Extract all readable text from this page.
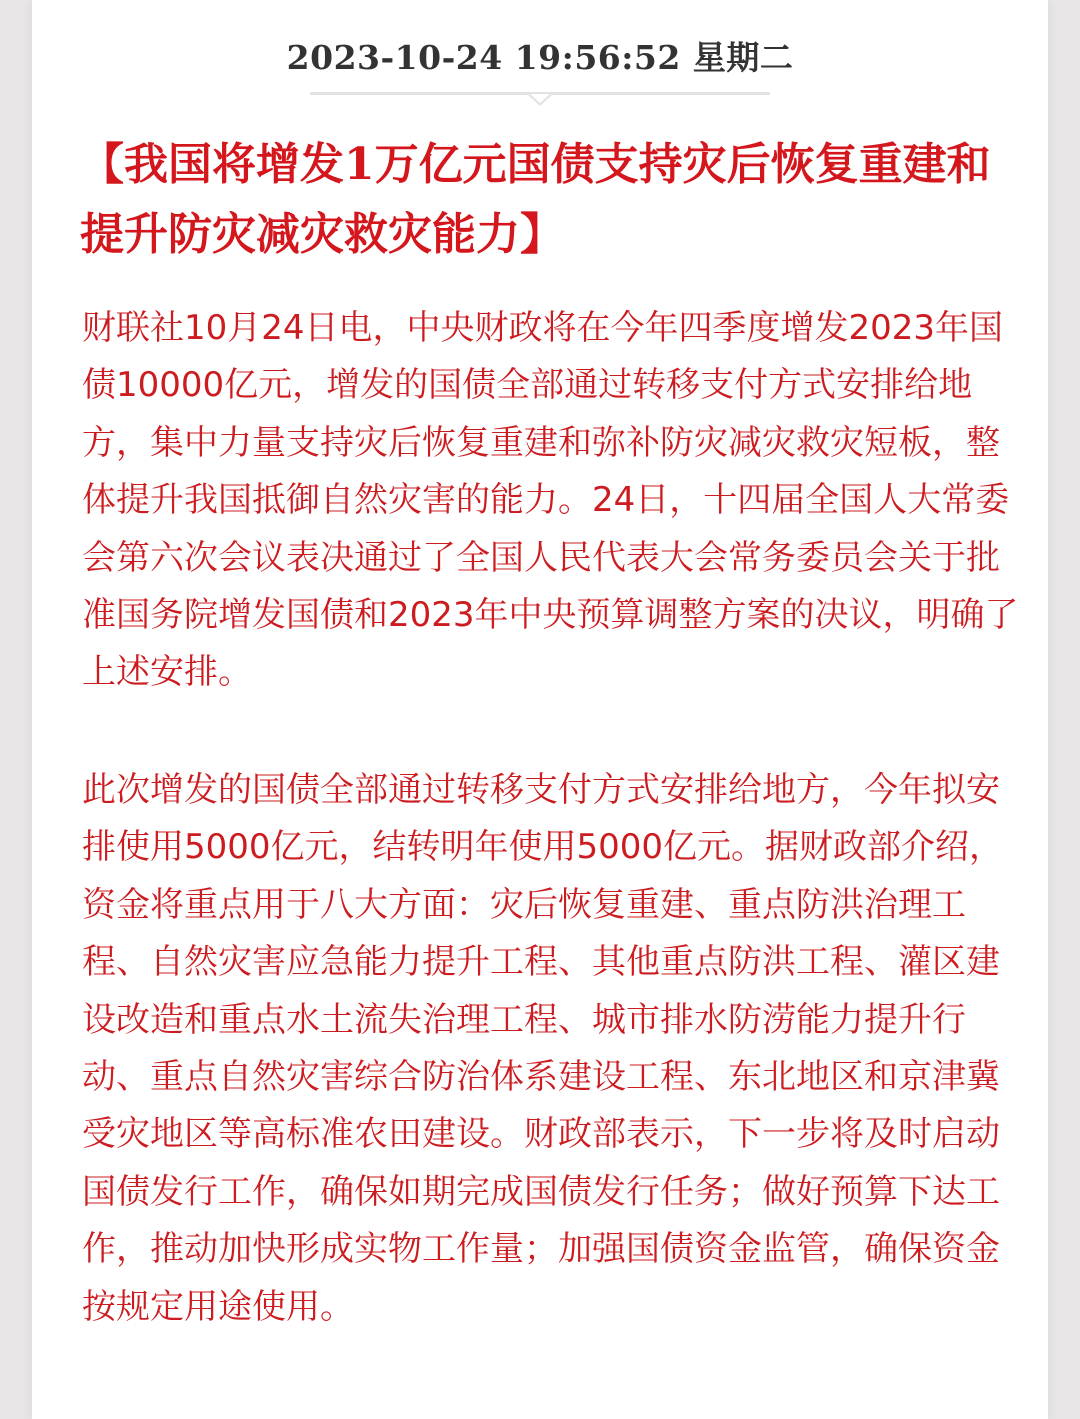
2023-10-24 19:56:52 星期二
【我国将增发1万亿元国债支持灾后恢复重建和提升防灾减灾救灾能力】

财联社10月24日电，中央财政将在今年四季度增发2023年国债10000亿元，增发的国债全部通过转移支付方式安排给地方，集中力量支持灾后恢复重建和弥补防灾减灾救灾短板，整体提升我国抵御自然灾害的能力。24日，十四届全国人大常委会第六次会议表决通过了全国人民代表大会常务委员会关于批准国务院增发国债和2023年中央预算调整方案的决议，明确了上述安排。

此次增发的国债全部通过转移支付方式安排给地方，今年拟安排使用5000亿元，结转明年使用5000亿元。据财政部介绍，资金将重点用于八大方面：灾后恢复重建、重点防洪治理工程、自然灾害应急能力提升工程、其他重点防洪工程、灌区建设改造和重点水土流失治理工程、城市排水防涝能力提升行动、重点自然灾害综合防治体系建设工程、东北地区和京津冀受灾地区等高标准农田建设。财政部表示，下一步将及时启动国债发行工作，确保如期完成国债发行任务；做好预算下达工作，推动加快形成实物工作量；加强国债资金监管，确保资金按规定用途使用。
